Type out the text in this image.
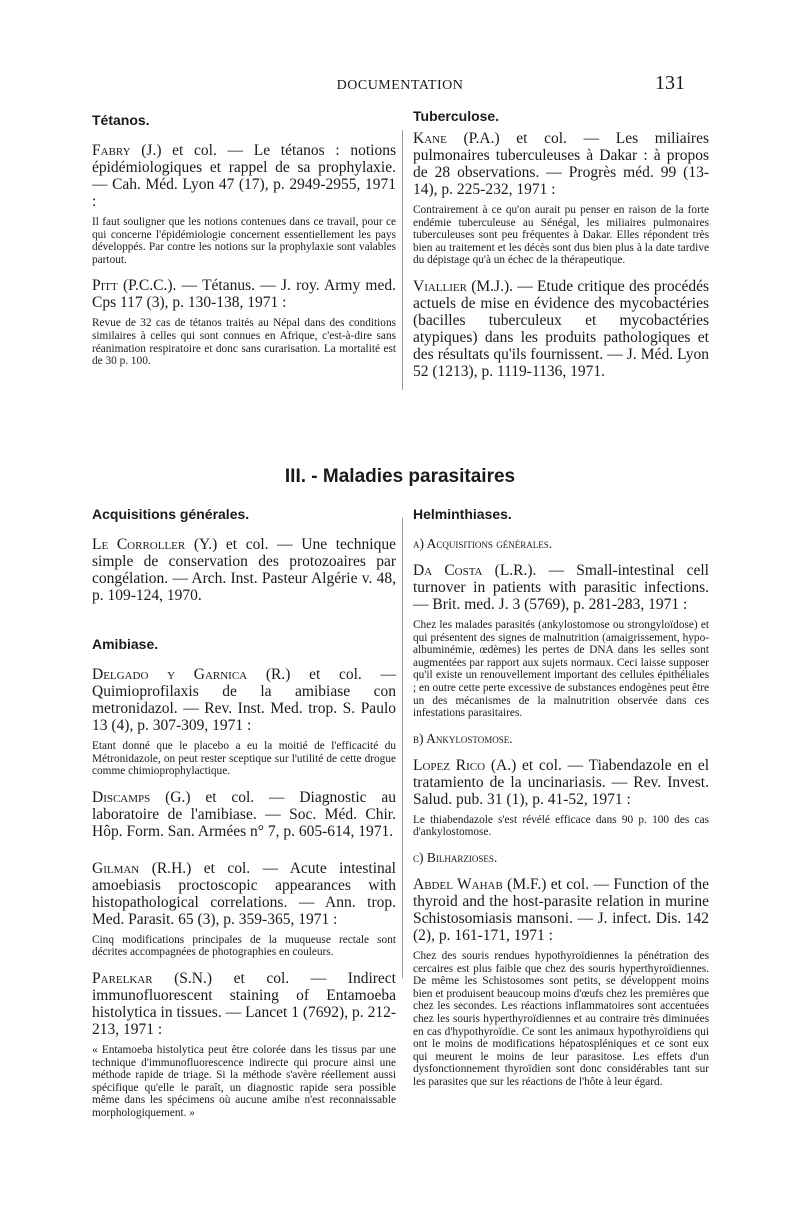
DOCUMENTATION	131
Tétanos.
Fabry (J.) et col. — Le tétanos : notions épidémiologiques et rappel de sa prophylaxie. — Cah. Méd. Lyon 47 (17), p. 2949-2955, 1971 :
Il faut souligner que les notions contenues dans ce travail, pour ce qui concerne l'épidémiologie concernent essentiellement les pays développés. Par contre les notions sur la prophylaxie sont valables partout.
Pitt (P.C.C.). — Tétanus. — J. roy. Army med. Cps 117 (3), p. 130-138, 1971 :
Revue de 32 cas de tétanos traités au Népal dans des conditions similaires à celles qui sont connues en Afrique, c'est-à-dire sans réanimation respiratoire et donc sans curarisation. La mortalité est de 30 p. 100.
Tuberculose.
Kane (P.A.) et col. — Les miliaires pulmonaires tuberculeuses à Dakar : à propos de 28 observations. — Progrès méd. 99 (13-14), p. 225-232, 1971 :
Contrairement à ce qu'on aurait pu penser en raison de la forte endémie tuberculeuse au Sénégal, les miliaires pulmonaires tuberculeuses sont peu fréquentes à Dakar. Elles répondent très bien au traitement et les décès sont dus bien plus à la date tardive du dépistage qu'à un échec de la thérapeutique.
Viallier (M.J.). — Etude critique des procédés actuels de mise en évidence des mycobactéries (bacilles tuberculeux et mycobactéries atypiques) dans les produits pathologiques et des résultats qu'ils fournissent. — J. Méd. Lyon 52 (1213), p. 1119-1136, 1971.
III. - Maladies parasitaires
Acquisitions générales.
Le Corroller (Y.) et col. — Une technique simple de conservation des protozoaires par congélation. — Arch. Inst. Pasteur Algérie v. 48, p. 109-124, 1970.
Amibiase.
Delgado y Garnica (R.) et col. — Quimioprofilaxis de la amibiase con metronidazol. — Rev. Inst. Med. trop. S. Paulo 13 (4), p. 307-309, 1971 :
Etant donné que le placebo a eu la moitié de l'efficacité du Métronidazole, on peut rester sceptique sur l'utilité de cette drogue comme chimioprophylactique.
Discamps (G.) et col. — Diagnostic au laboratoire de l'amibiase. — Soc. Méd. Chir. Hôp. Form. San. Armées n° 7, p. 605-614, 1971.
Gilman (R.H.) et col. — Acute intestinal amoebiasis proctoscopic appearances with histopathological correlations. — Ann. trop. Med. Parasit. 65 (3), p. 359-365, 1971 :
Cinq modifications principales de la muqueuse rectale sont décrites accompagnées de photographies en couleurs.
Parelkar (S.N.) et col. — Indirect immunofluorescent staining of Entamoeba histolytica in tissues. — Lancet 1 (7692), p. 212-213, 1971 :
« Entamoeba histolytica peut être colorée dans les tissus par une technique d'immunofluorescence indirecte qui procure ainsi une méthode rapide de triage. Si la méthode s'avère réellement aussi spécifique qu'elle le paraît, un diagnostic rapide sera possible même dans les spécimens où aucune amibe n'est reconnaissable morphologiquement. »
Helminthiases.
a) Acquisitions générales.
Da Costa (L.R.). — Small-intestinal cell turnover in patients with parasitic infections. — Brit. med. J. 3 (5769), p. 281-283, 1971 :
Chez les malades parasités (ankylostomose ou strongyloïdose) et qui présentent des signes de malnutrition (amaigrissement, hypo-albuminémie, œdèmes) les pertes de DNA dans les selles sont augmentées par rapport aux sujets normaux. Ceci laisse supposer qu'il existe un renouvellement important des cellules épithéliales ; en outre cette perte excessive de substances endogènes peut être un des mécanismes de la malnutrition observée dans ces infestations parasitaires.
b) Ankylostomose.
Lopez Rico (A.) et col. — Tiabendazole en el tratamiento de la uncinariasis. — Rev. Invest. Salud. pub. 31 (1), p. 41-52, 1971 :
Le thiabendazole s'est révélé efficace dans 90 p. 100 des cas d'ankylostomose.
c) Bilharzioses.
Abdel Wahab (M.F.) et col. — Function of the thyroid and the host-parasite relation in murine Schistosomiasis mansoni. — J. infect. Dis. 142 (2), p. 161-171, 1971 :
Chez des souris rendues hypothyroïdiennes la pénétration des cercaires est plus faible que chez des souris hyperthyroïdiennes. De même les Schistosomes sont petits, se développent moins bien et produisent beaucoup moins d'œufs chez les premières que chez les secondes. Les réactions inflammatoires sont accentuées chez les souris hyperthyroïdiennes et au contraire très diminuées en cas d'hypothyroïdie. Ce sont les animaux hypothyroïdiens qui ont le moins de modifications hépatospléniques et ce sont eux qui meurent le moins de leur parasitose. Les effets d'un dysfonctionnement thyroïdien sont donc considérables tant sur les parasites que sur les réactions de l'hôte à leur égard.
